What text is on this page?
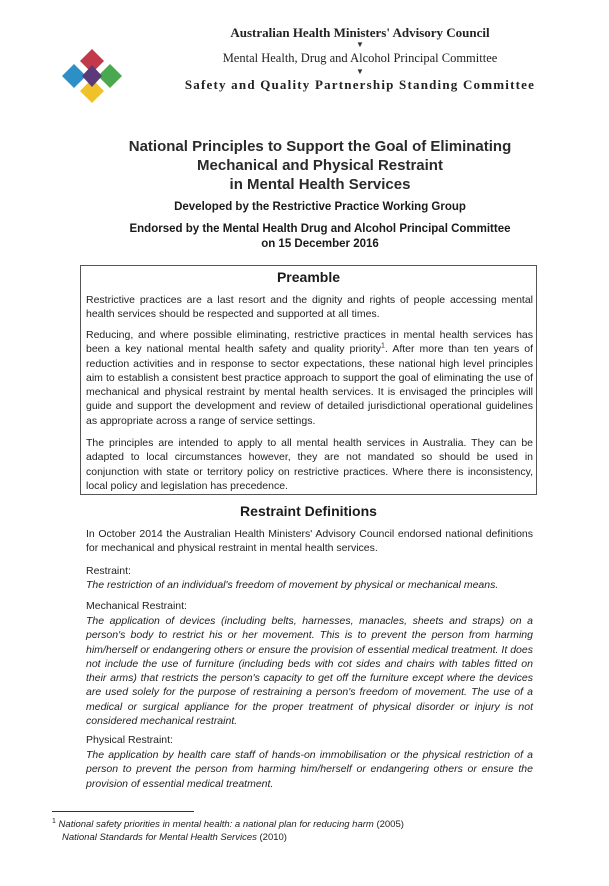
Australian Health Ministers' Advisory Council
▼
Mental Health, Drug and Alcohol Principal Committee
▼
Safety and Quality Partnership Standing Committee
National Principles to Support the Goal of Eliminating
Mechanical and Physical Restraint
in Mental Health Services
Developed by the Restrictive Practice Working Group
Endorsed by the Mental Health Drug and Alcohol Principal Committee
on 15 December 2016
Preamble
Restrictive practices are a last resort and the dignity and rights of people accessing mental health services should be respected and supported at all times.
Reducing, and where possible eliminating, restrictive practices in mental health services has been a key national mental health safety and quality priority$^1$. After more than ten years of reduction activities and in response to sector expectations, these national high level principles aim to establish a consistent best practice approach to support the goal of eliminating the use of mechanical and physical restraint by mental health services. It is envisaged the principles will guide and support the development and review of detailed jurisdictional operational guidelines as appropriate across a range of service settings.
The principles are intended to apply to all mental health services in Australia. They can be adapted to local circumstances however, they are not mandated so should be used in conjunction with state or territory policy on restrictive practices. Where there is inconsistency, local policy and legislation has precedence.
Restraint Definitions
In October 2014 the Australian Health Ministers' Advisory Council endorsed national definitions for mechanical and physical restraint in mental health services.
Restraint:
The restriction of an individual's freedom of movement by physical or mechanical means.
Mechanical Restraint:
The application of devices (including belts, harnesses, manacles, sheets and straps) on a person's body to restrict his or her movement. This is to prevent the person from harming him/herself or endangering others or ensure the provision of essential medical treatment. It does not include the use of furniture (including beds with cot sides and chairs with tables fitted on their arms) that restricts the person's capacity to get off the furniture except where the devices are used solely for the purpose of restraining a person's freedom of movement. The use of a medical or surgical appliance for the proper treatment of physical disorder or injury is not considered mechanical restraint.
Physical Restraint:
The application by health care staff of hands-on immobilisation or the physical restriction of a person to prevent the person from harming him/herself or endangering others or ensure the provision of essential medical treatment.
$^1$ National safety priorities in mental health: a national plan for reducing harm (2005)
National Standards for Mental Health Services (2010)
